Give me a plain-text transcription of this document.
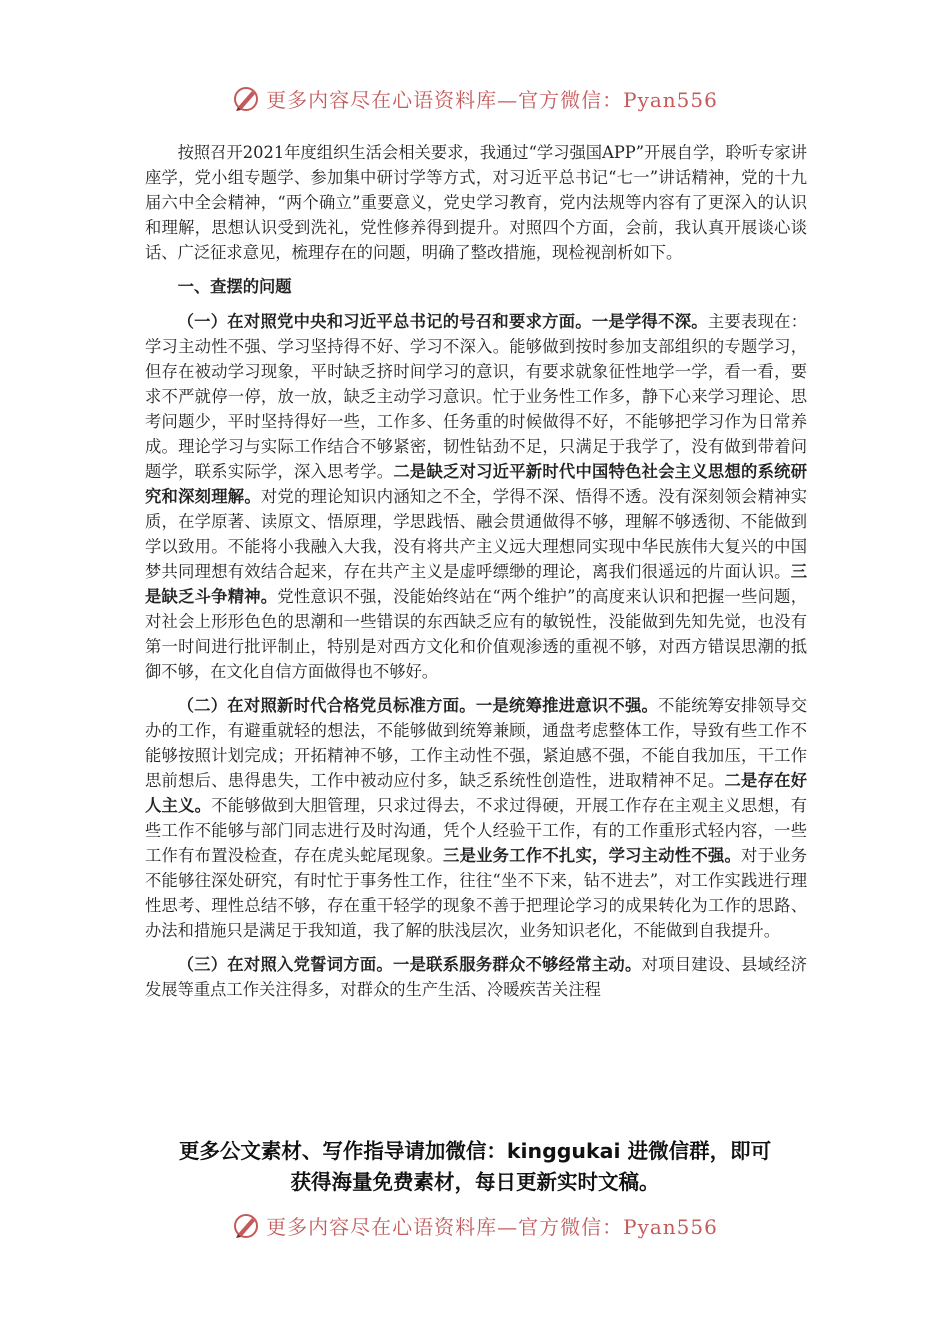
更多内容尽在心语资料库—官方微信：Pyan556

按照召开2021年度组织生活会相关要求，我通过“学习强国APP”开展自学，聆听专家讲座学，党小组专题学、参加集中研讨学等方式，对习近平总书记“七一”讲话精神，党的十九届六中全会精神，“两个确立”重要意义，党史学习教育，党内法规等内容有了更深入的认识和理解，思想认识受到洗礼，党性修养得到提升。对照四个方面，会前，我认真开展谈心谈话、广泛征求意见，梳理存在的问题，明确了整改措施，现检视剖析如下。

一、查摆的问题

（一）在对照党中央和习近平总书记的号召和要求方面。一是学得不深。主要表现在：学习主动性不强、学习坚持得不好、学习不深入。能够做到按时参加支部组织的专题学习，但存在被动学习现象，平时缺乏挤时间学习的意识，有要求就象征性地学一学，看一看，要求不严就停一停，放一放，缺乏主动学习意识。忙于业务性工作多，静下心来学习理论、思考问题少，平时坚持得好一些，工作多、任务重的时候做得不好，不能够把学习作为日常养成。理论学习与实际工作结合不够紧密，韧性钻劲不足，只满足于我学了，没有做到带着问题学，联系实际学，深入思考学。二是缺乏对习近平新时代中国特色社会主义思想的系统研究和深刻理解。对党的理论知识内涵知之不全，学得不深、悟得不透。没有深刻领会精神实质，在学原著、读原文、悟原理，学思践悟、融会贯通做得不够，理解不够透彻、不能做到学以致用。不能将小我融入大我，没有将共产主义远大理想同实现中华民族伟大复兴的中国梦共同理想有效结合起来，存在共产主义是虚呼缥缈的理论，离我们很遥远的片面认识。三是缺乏斗争精神。党性意识不强，没能始终站在“两个维护”的高度来认识和把握一些问题，对社会上形形色色的思潮和一些错误的东西缺乏应有的敏锐性，没能做到先知先觉，也没有第一时间进行批评制止，特别是对西方文化和价值观渗透的重视不够，对西方错误思潮的抵御不够，在文化自信方面做得也不够好。

（二）在对照新时代合格党员标准方面。一是统筹推进意识不强。不能统筹安排领导交办的工作，有避重就轻的想法，不能够做到统筹兼顾，通盘考虑整体工作，导致有些工作不能够按照计划完成；开拓精神不够，工作主动性不强，紧迫感不强，不能自我加压，干工作思前想后、患得患失，工作中被动应付多，缺乏系统性创造性，进取精神不足。二是存在好人主义。不能够做到大胆管理，只求过得去，不求过得硬，开展工作存在主观主义思想，有些工作不能够与部门同志进行及时沟通，凭个人经验干工作，有的工作重形式轻内容，一些工作有布置没检查，存在虎头蛇尾现象。三是业务工作不扎实，学习主动性不强。对于业务不能够往深处研究，有时忙于事务性工作，往往“坐不下来，钻不进去”，对工作实践进行理性思考、理性总结不够，存在重干轻学的现象不善于把理论学习的成果转化为工作的思路、办法和措施只是满足于我知道，我了解的肤浅层次，业务知识老化，不能做到自我提升。

（三）在对照入党誓词方面。一是联系服务群众不够经常主动。对项目建设、县域经济发展等重点工作关注得多，对群众的生产生活、冷暖疾苦关注程

更多公文素材、写作指导请加微信：kinggukai 进微信群，即可
获得海量免费素材，每日更新实时文稿。
更多内容尽在心语资料库—官方微信：Pyan556
